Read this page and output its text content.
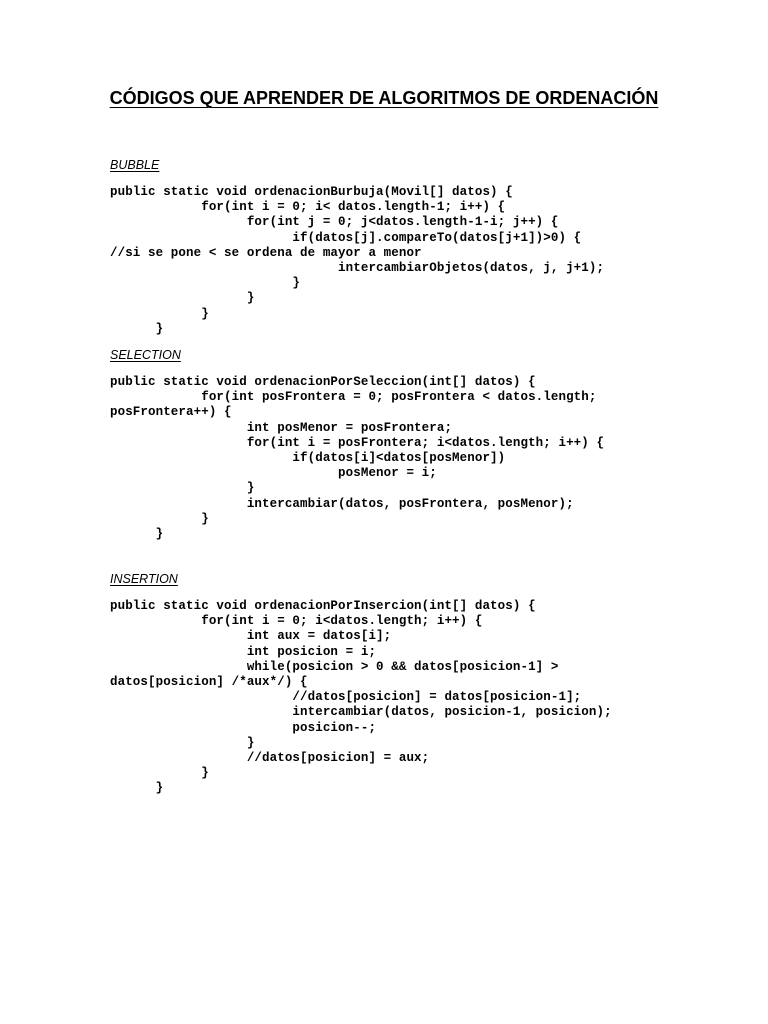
CÓDIGOS QUE APRENDER DE ALGORITMOS DE ORDENACIÓN
BUBBLE
public static void ordenacionBurbuja(Movil[] datos) {
for(int i = 0; i< datos.length-1; i++) {
for(int j = 0; j<datos.length-1-i; j++) {
if(datos[j].compareTo(datos[j+1])>0) {
//si se pone < se ordena de mayor a menor
intercambiarObjetos(datos, j, j+1);
}
}
}
}
SELECTION
public static void ordenacionPorSeleccion(int[] datos) {
for(int posFrontera = 0; posFrontera < datos.length;
posFrontera++) {
int posMenor = posFrontera;
for(int i = posFrontera; i<datos.length; i++) {
if(datos[i]<datos[posMenor])
posMenor = i;
}
intercambiar(datos, posFrontera, posMenor);
}
}
INSERTION
public static void ordenacionPorInsercion(int[] datos) {
for(int i = 0; i<datos.length; i++) {
int aux = datos[i];
int posicion = i;
while(posicion > 0 && datos[posicion-1] >
datos[posicion] /*aux*/) {
//datos[posicion] = datos[posicion-1];
intercambiar(datos, posicion-1, posicion);
posicion--;
}
//datos[posicion] = aux;
}
}
